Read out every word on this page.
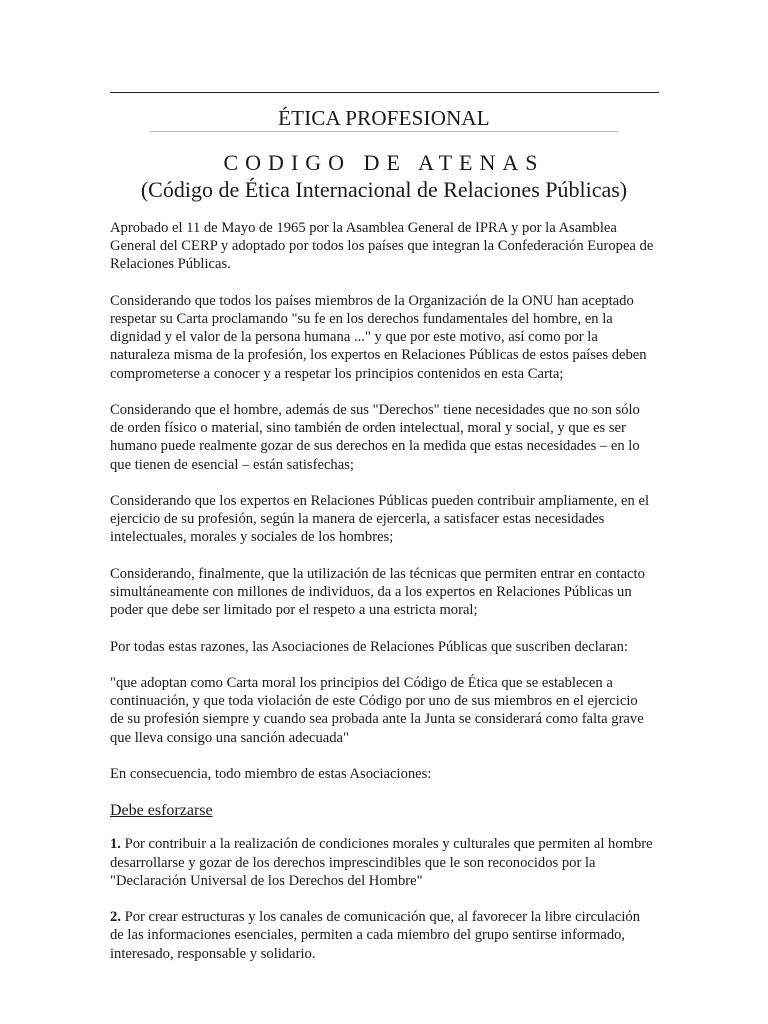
ÉTICA PROFESIONAL
CODIGO DE ATENAS
(Código de Ética Internacional de Relaciones Públicas)

Aprobado el 11 de Mayo de 1965 por la Asamblea General de IPRA y por la Asamblea General del CERP y adoptado por todos los países que integran la Confederación Europea de Relaciones Públicas.

Considerando que todos los países miembros de la Organización de la ONU han aceptado respetar su Carta proclamando "su fe en los derechos fundamentales del hombre, en la dignidad y el valor de la persona humana ..." y que por este motivo, así como por la naturaleza misma de la profesión, los expertos en Relaciones Públicas de estos países deben comprometerse a conocer y a respetar los principios contenidos en esta Carta;

Considerando que el hombre, además de sus "Derechos" tiene necesidades que no son sólo de orden físico o material, sino también de orden intelectual, moral y social, y que es ser humano puede realmente gozar de sus derechos en la medida que estas necesidades – en lo que tienen de esencial – están satisfechas;

Considerando que los expertos en Relaciones Públicas pueden contribuir ampliamente, en el ejercicio de su profesión, según la manera de ejercerla, a satisfacer estas necesidades intelectuales, morales y sociales de los hombres;

Considerando, finalmente, que la utilización de las técnicas que permiten entrar en contacto simultáneamente con millones de individuos, da a los expertos en Relaciones Públicas un poder que debe ser limitado por el respeto a una estricta moral;

Por todas estas razones, las Asociaciones de Relaciones Públicas que suscriben declaran:

"que adoptan como Carta moral los principios del Código de Ética que se establecen a continuación, y que toda violación de este Código por uno de sus miembros en el ejercicio de su profesión siempre y cuando sea probada ante la Junta se considerará como falta grave que lleva consigo una sanción adecuada"

En consecuencia, todo miembro de estas Asociaciones:

Debe esforzarse

1. Por contribuir a la realización de condiciones morales y culturales que permiten al hombre desarrollarse y gozar de los derechos imprescindibles que le son reconocidos por la "Declaración Universal de los Derechos del Hombre"

2. Por crear estructuras y los canales de comunicación que, al favorecer la libre circulación de las informaciones esenciales, permiten a cada miembro del grupo sentirse informado, interesado, responsable y solidario.
